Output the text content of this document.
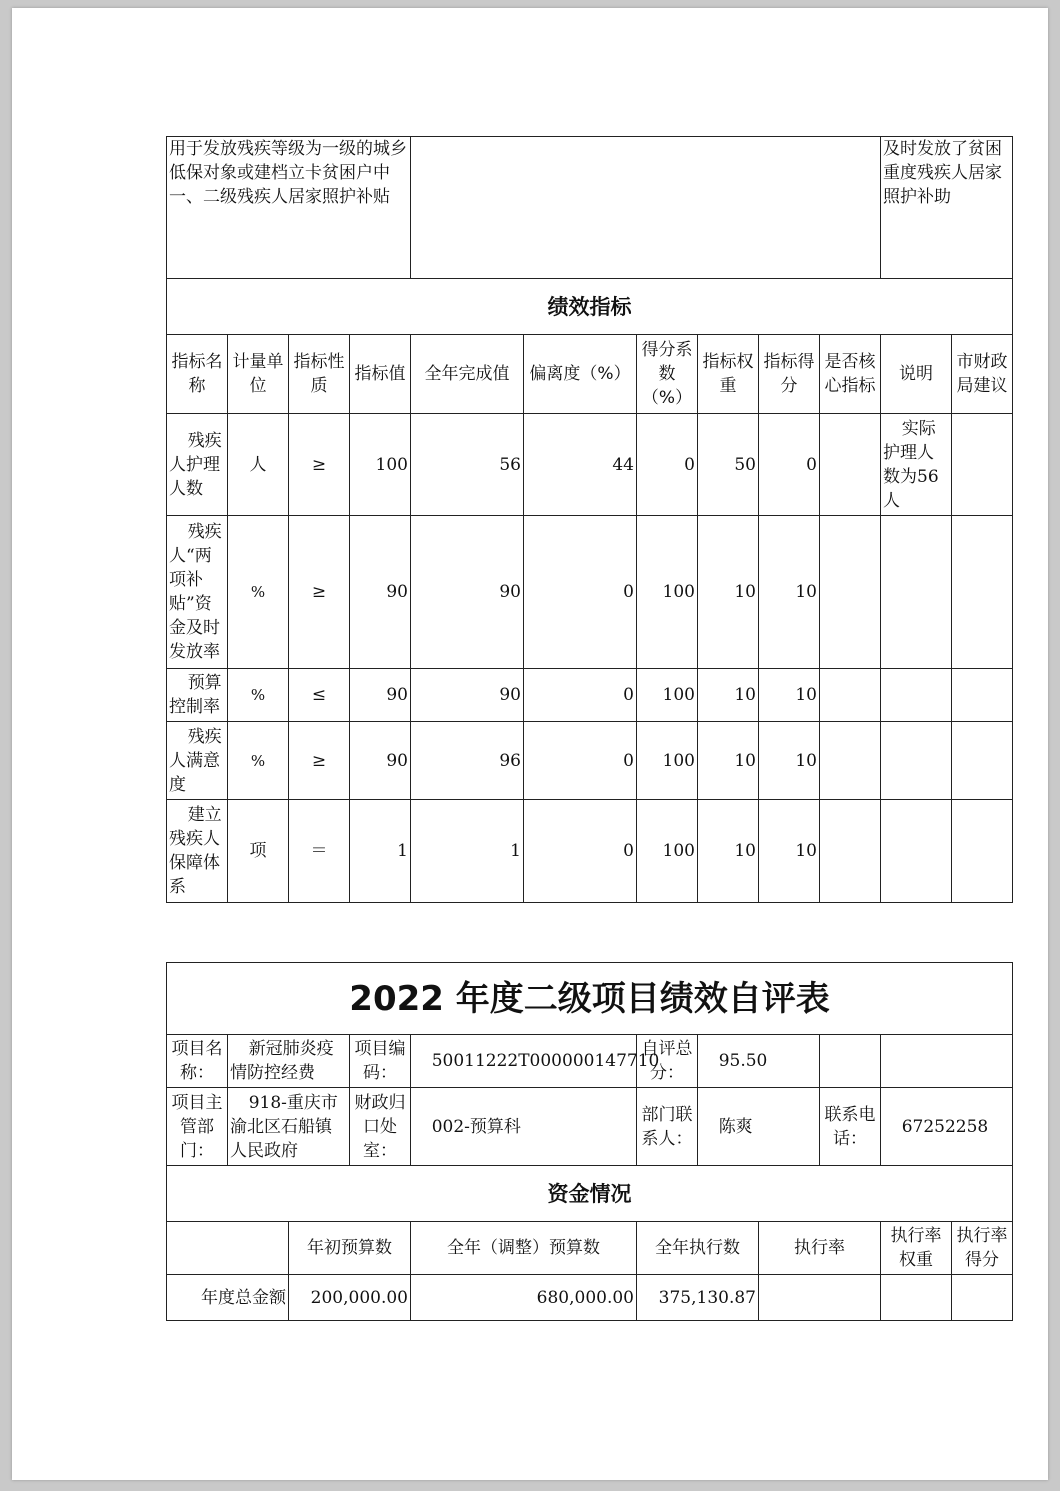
用于发放残疾等级为一级的城乡低保对象或建档立卡贫困户中一、二级残疾人居家照护补贴										及时发放了贫困重度残疾人居家照护补助	
绩效指标											
指标名称	计量单位	指标性质	指标值	全年完成值	偏离度（%）	得分系数（%）	指标权重	指标得分	是否核心指标	说明	市财政局建议
残疾人护理人数	人	≥	100	56	44	0	50	0		实际护理人数为56人	
残疾人“两项补贴”资金及时发放率	%	≥	90	90	0	100	10	10			
预算控制率	%	≤	90	90	0	100	10	10			
残疾人满意度	%	≥	90	96	0	100	10	10			
建立残疾人保障体系	项	＝	1	1	0	100	10	10			
2022 年度二级项目绩效自评表										
项目名称：	新冠肺炎疫情防控经费		项目编码：	50011222T000000147710	自评总分：	95.50				
项目主管部门：	918-重庆市渝北区石船镇人民政府		财政归口处室：	002-预算科	部门联系人：	陈爽		联系电话：	67252258	
资金情况										
		年初预算数		全年（调整）预算数	全年执行数		执行率		执行率权重	执行率得分
年度总金额		200,000.00		680,000.00	375,130.87					
